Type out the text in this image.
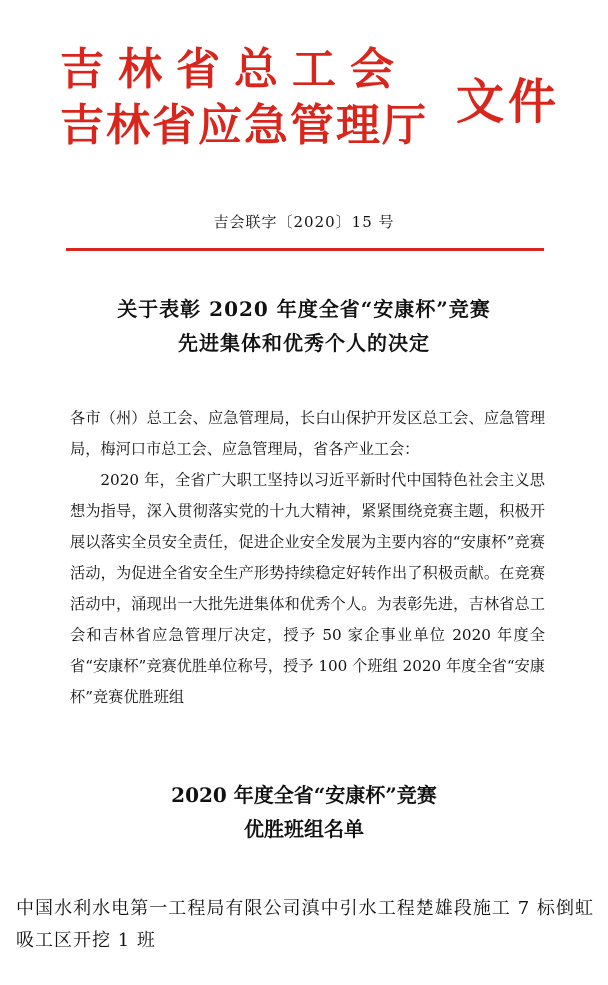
吉林省总工会
吉林省应急管理厅 文件
吉会联字〔2020〕15 号
关于表彰 2020 年度全省“安康杯”竞赛
先进集体和优秀个人的决定

各市（州）总工会、应急管理局，长白山保护开发区总工会、应急管理局，梅河口市总工会、应急管理局，省各产业工会：

2020 年，全省广大职工坚持以习近平新时代中国特色社会主义思想为指导，深入贯彻落实党的十九大精神，紧紧围绕竞赛主题，积极开展以落实全员安全责任，促进企业安全发展为主要内容的“安康杯”竞赛活动，为促进全省安全生产形势持续稳定好转作出了积极贡献。在竞赛活动中，涌现出一大批先进集体和优秀个人。为表彰先进，吉林省总工会和吉林省应急管理厅决定，授予 50 家企事业单位 2020 年度全省“安康杯”竞赛优胜单位称号，授予 100 个班组 2020 年度全省“安康杯”竞赛优胜班组

2020 年度全省“安康杯”竞赛
优胜班组名单
中国水利水电第一工程局有限公司滇中引水工程楚雄段施工 7 标倒虹吸工区开挖 1 班
